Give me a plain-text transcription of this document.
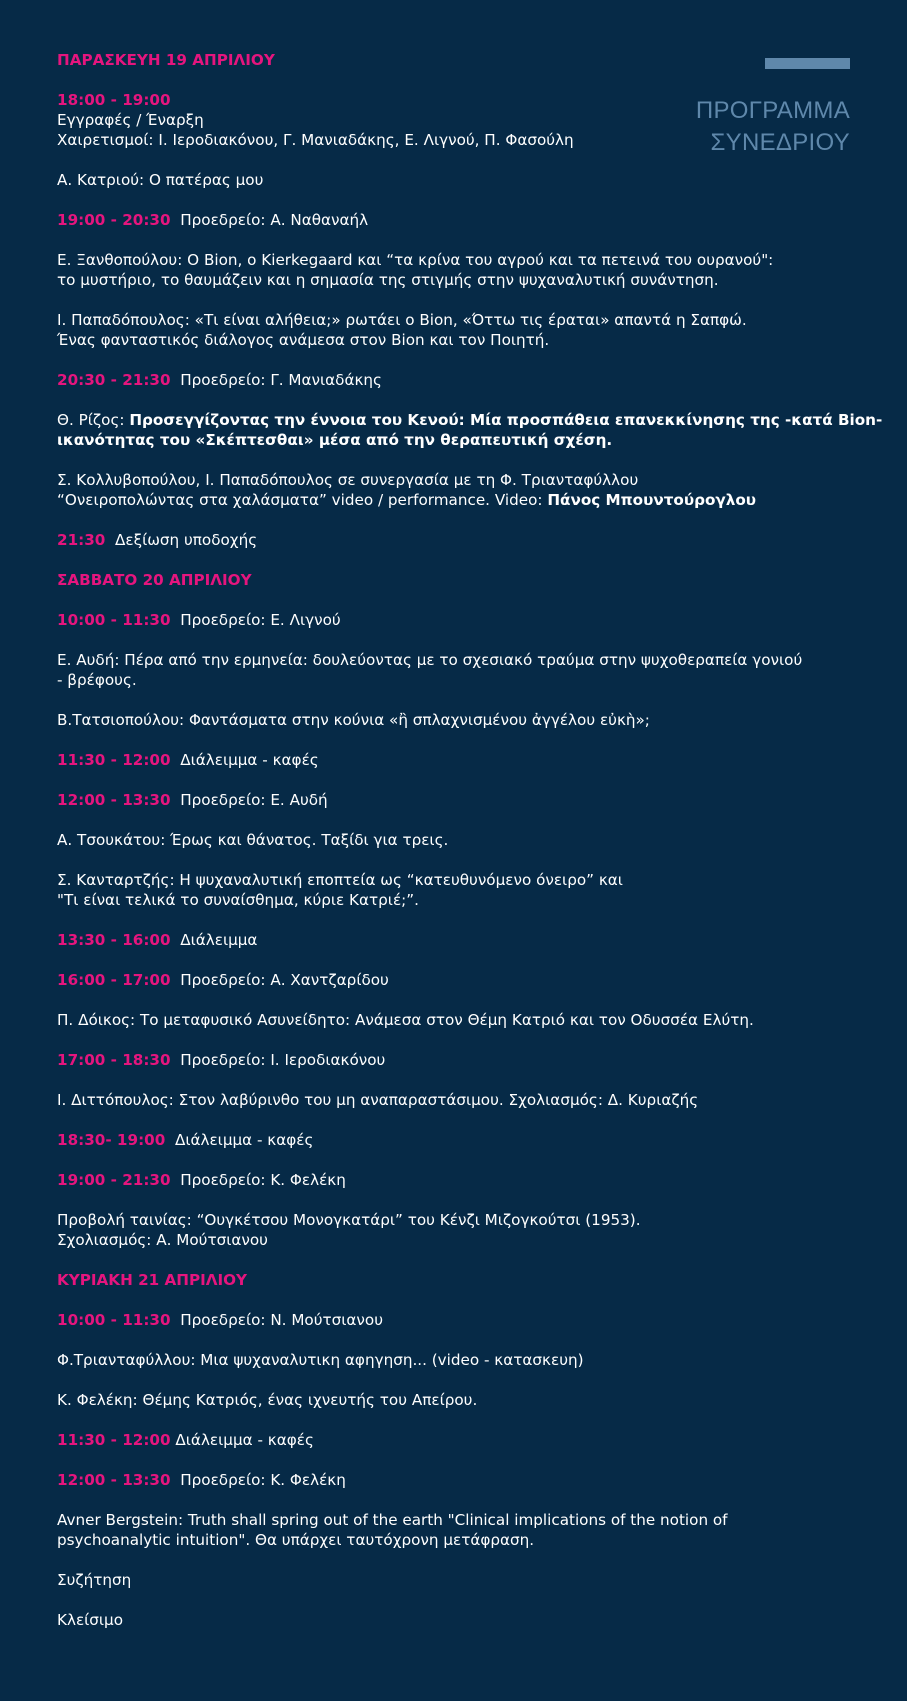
ΠΡΟΓΡΑΜΜΑ
ΣΥΝΕΔΡΙΟΥ
ΠΑΡΑΣΚΕΥΗ 19 ΑΠΡΙΛΙΟΥ
18:00 - 19:00
Εγγραφές / Έναρξη
Χαιρετισμοί: Ι. Ιεροδιακόνου, Γ. Μανιαδάκης, Ε. Λιγνού, Π. Φασούλη
Α. Κατριού: Ο πατέρας μου
19:00 - 20:30 Προεδρείο: Α. Ναθαναήλ
Ε. Ξανθοπούλου: Ο Bion, ο Kierkegaard και “τα κρίνα του αγρού και τα πετεινά του ουρανού":
το μυστήριο, το θαυμάζειν και η σημασία της στιγμής στην ψυχαναλυτική συνάντηση.
Ι. Παπαδόπουλος: «Τι είναι αλήθεια;» ρωτάει ο Bion, «Όττω τις έραται» απαντά η Σαπφώ.
Ένας φανταστικός διάλογος ανάμεσα στον Bion και τον Ποιητή.
20:30 - 21:30 Προεδρείο: Γ. Μανιαδάκης
Θ. Ρίζος: Προσεγγίζοντας την έννοια του Κενού: Μία προσπάθεια επανεκκίνησης της -κατά Bion-
ικανότητας του «Σκέπτεσθαι» μέσα από την θεραπευτική σχέση.
Σ. Κολλυβοπούλου, Ι. Παπαδόπουλος σε συνεργασία με τη Φ. Τριανταφύλλου
“Ονειροπολώντας στα χαλάσματα” video / performance. Video: Πάνος Μπουντούρογλου
21:30 Δεξίωση υποδοχής
ΣΑΒΒΑΤΟ 20 ΑΠΡΙΛΙΟΥ
10:00 - 11:30 Προεδρείο: Ε. Λιγνού
Ε. Αυδή: Πέρα από την ερμηνεία: δουλεύοντας με το σχεσιακό τραύμα στην ψυχοθεραπεία γονιού
- βρέφους.
Β.Τατσιοπούλου: Φαντάσματα στην κούνια «ἢ σπλαχνισμένου ἀγγέλου εὐκὴ»;
11:30 - 12:00 Διάλειμμα - καφές
12:00 - 13:30 Προεδρείο: Ε. Αυδή
Α. Τσουκάτου: Έρως και θάνατος. Ταξίδι για τρεις.
Σ. Κανταρτζής: Η ψυχαναλυτική εποπτεία ως “κατευθυνόμενο όνειρο” και
"Τι είναι τελικά το συναίσθημα, κύριε Κατριέ;”.
13:30 - 16:00 Διάλειμμα
16:00 - 17:00 Προεδρείο: Α. Χαντζαρίδου
Π. Δόικος: Το μεταφυσικό Ασυνείδητο: Ανάμεσα στον Θέμη Κατριό και τον Οδυσσέα Ελύτη.
17:00 - 18:30 Προεδρείο: Ι. Ιεροδιακόνου
Ι. Διττόπουλος: Στον λαβύρινθο του μη αναπαραστάσιμου. Σχολιασμός: Δ. Κυριαζής
18:30- 19:00 Διάλειμμα - καφές
19:00 - 21:30 Προεδρείο: Κ. Φελέκη
Προβολή ταινίας: “Ουγκέτσου Μονογκατάρι” του Κένζι Μιζογκούτσι (1953).
Σχολιασμός: Α. Μούτσιανου
ΚΥΡΙΑΚΗ 21 ΑΠΡΙΛΙΟΥ
10:00 - 11:30 Προεδρείο: Ν. Μούτσιανου
Φ.Τριανταφύλλου: Μια ψυχαναλυτικη αφηγηση... (video - κατασκευη)
Κ. Φελέκη: Θέμης Κατριός, ένας ιχνευτής του Απείρου.
11:30 - 12:00 Διάλειμμα - καφές
12:00 - 13:30 Προεδρείο: Κ. Φελέκη
Avner Bergstein: Truth shall spring out of the earth "Clinical implications of the notion of
psychoanalytic intuition". Θα υπάρχει ταυτόχρονη μετάφραση.
Συζήτηση
Κλείσιμο
